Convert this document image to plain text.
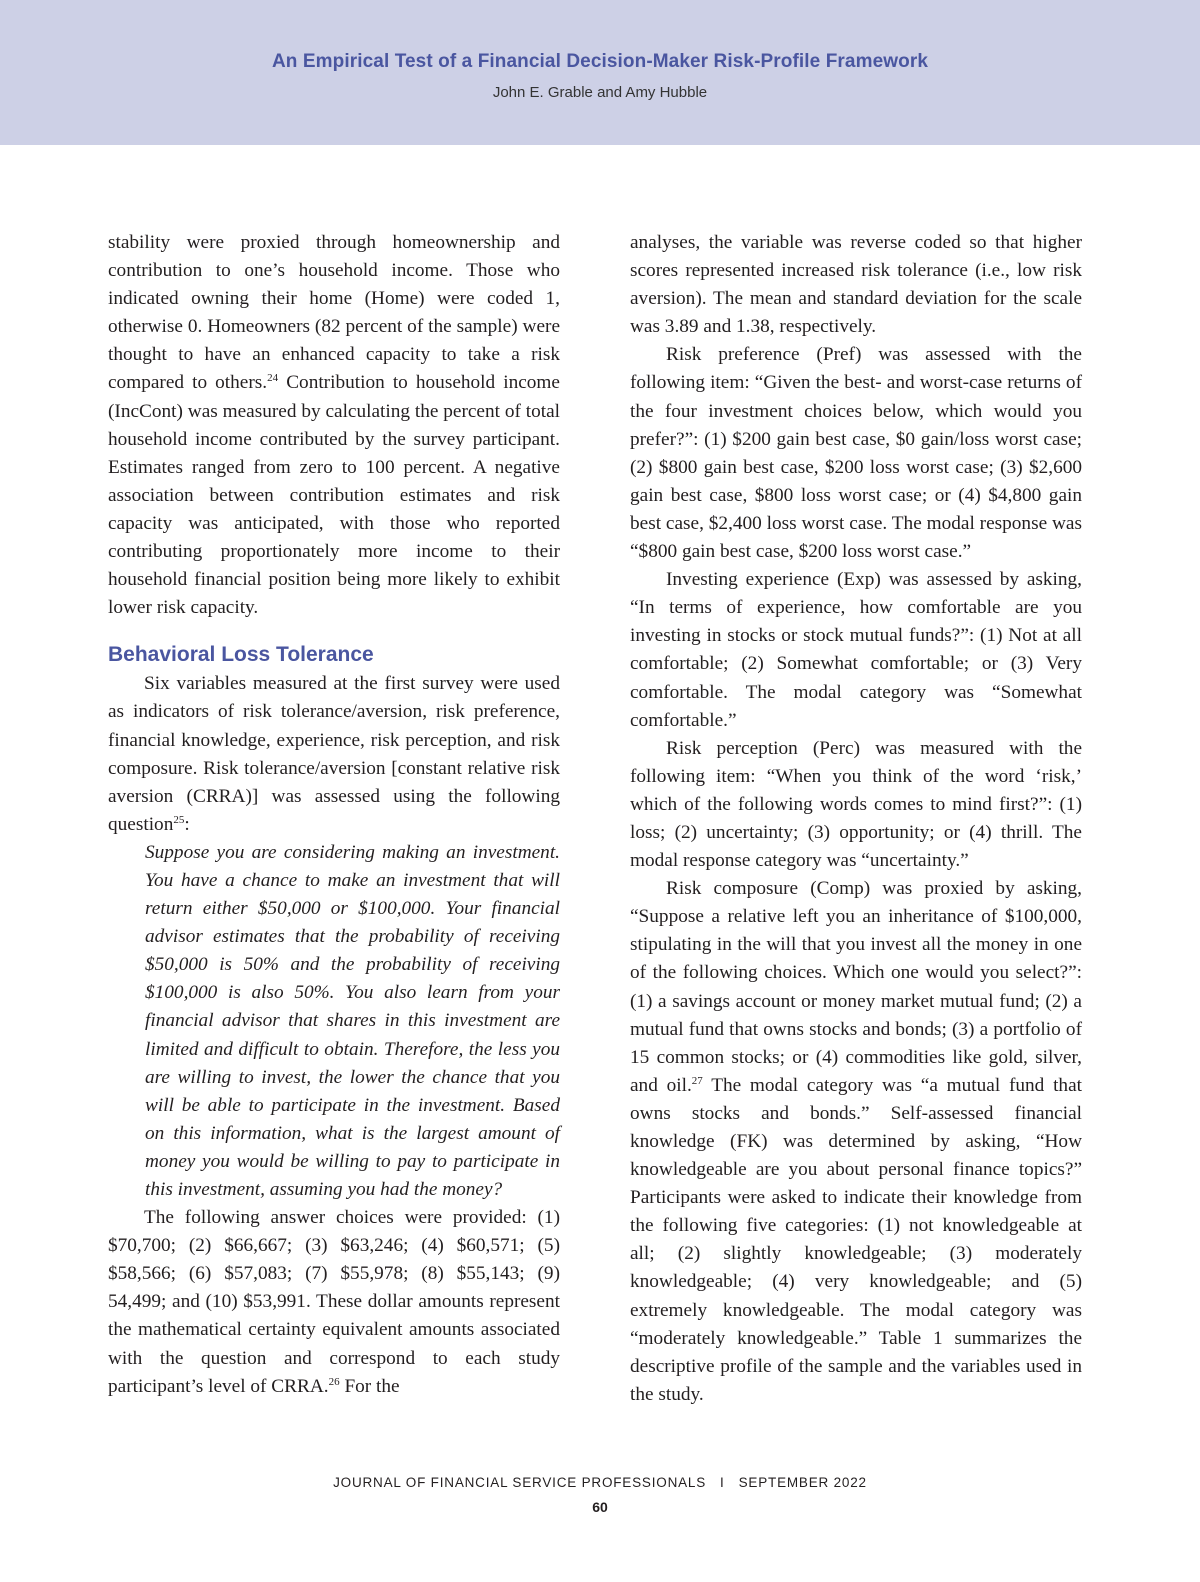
An Empirical Test of a Financial Decision-Maker Risk-Profile Framework
John E. Grable and Amy Hubble

stability were proxied through homeownership and contribution to one’s household income. Those who indicated owning their home (Home) were coded 1, otherwise 0. Homeowners (82 percent of the sample) were thought to have an enhanced capacity to take a risk compared to others.$^{24}$ Contribution to household income (IncCont) was measured by calculating the percent of total household income contributed by the survey participant. Estimates ranged from zero to 100 percent. A negative association between contribution estimates and risk capacity was anticipated, with those who reported contributing proportionately more income to their household financial position being more likely to exhibit lower risk capacity.

Behavioral Loss Tolerance

Six variables measured at the first survey were used as indicators of risk tolerance/aversion, risk preference, financial knowledge, experience, risk perception, and risk composure. Risk tolerance/aversion [constant relative risk aversion (CRRA)] was assessed using the following question$^{25}$:

Suppose you are considering making an investment. You have a chance to make an investment that will return either $50,000 or $100,000. Your financial advisor estimates that the probability of receiving $50,000 is 50% and the probability of receiving $100,000 is also 50%. You also learn from your financial advisor that shares in this investment are limited and difficult to obtain. Therefore, the less you are willing to invest, the lower the chance that you will be able to participate in the investment. Based on this information, what is the largest amount of money you would be willing to pay to participate in this investment, assuming you had the money?

The following answer choices were provided: (1) $70,700; (2) $66,667; (3) $63,246; (4) $60,571; (5) $58,566; (6) $57,083; (7) $55,978; (8) $55,143; (9) 54,499; and (10) $53,991. These dollar amounts represent the mathematical certainty equivalent amounts associated with the question and correspond to each study participant’s level of CRRA.$^{26}$ For the

analyses, the variable was reverse coded so that higher scores represented increased risk tolerance (i.e., low risk aversion). The mean and standard deviation for the scale was 3.89 and 1.38, respectively.

Risk preference (Pref) was assessed with the following item: “Given the best- and worst-case returns of the four investment choices below, which would you prefer?”: (1) $200 gain best case, $0 gain/loss worst case; (2) $800 gain best case, $200 loss worst case; (3) $2,600 gain best case, $800 loss worst case; or (4) $4,800 gain best case, $2,400 loss worst case. The modal response was “$800 gain best case, $200 loss worst case.”

Investing experience (Exp) was assessed by asking, “In terms of experience, how comfortable are you investing in stocks or stock mutual funds?”: (1) Not at all comfortable; (2) Somewhat comfortable; or (3) Very comfortable. The modal category was “Somewhat comfortable.”

Risk perception (Perc) was measured with the following item: “When you think of the word ‘risk,’ which of the following words comes to mind first?”: (1) loss; (2) uncertainty; (3) opportunity; or (4) thrill. The modal response category was “uncertainty.”

Risk composure (Comp) was proxied by asking, “Suppose a relative left you an inheritance of $100,000, stipulating in the will that you invest all the money in one of the following choices. Which one would you select?”: (1) a savings account or money market mutual fund; (2) a mutual fund that owns stocks and bonds; (3) a portfolio of 15 common stocks; or (4) commodities like gold, silver, and oil.$^{27}$ The modal category was “a mutual fund that owns stocks and bonds.” Self-assessed financial knowledge (FK) was determined by asking, “How knowledgeable are you about personal finance topics?” Participants were asked to indicate their knowledge from the following five categories: (1) not knowledgeable at all; (2) slightly knowledgeable; (3) moderately knowledgeable; (4) very knowledgeable; and (5) extremely knowledgeable. The modal category was “moderately knowledgeable.” Table 1 summarizes the descriptive profile of the sample and the variables used in the study.

JOURNAL OF FINANCIAL SERVICE PROFESSIONALS I SEPTEMBER 2022
60
